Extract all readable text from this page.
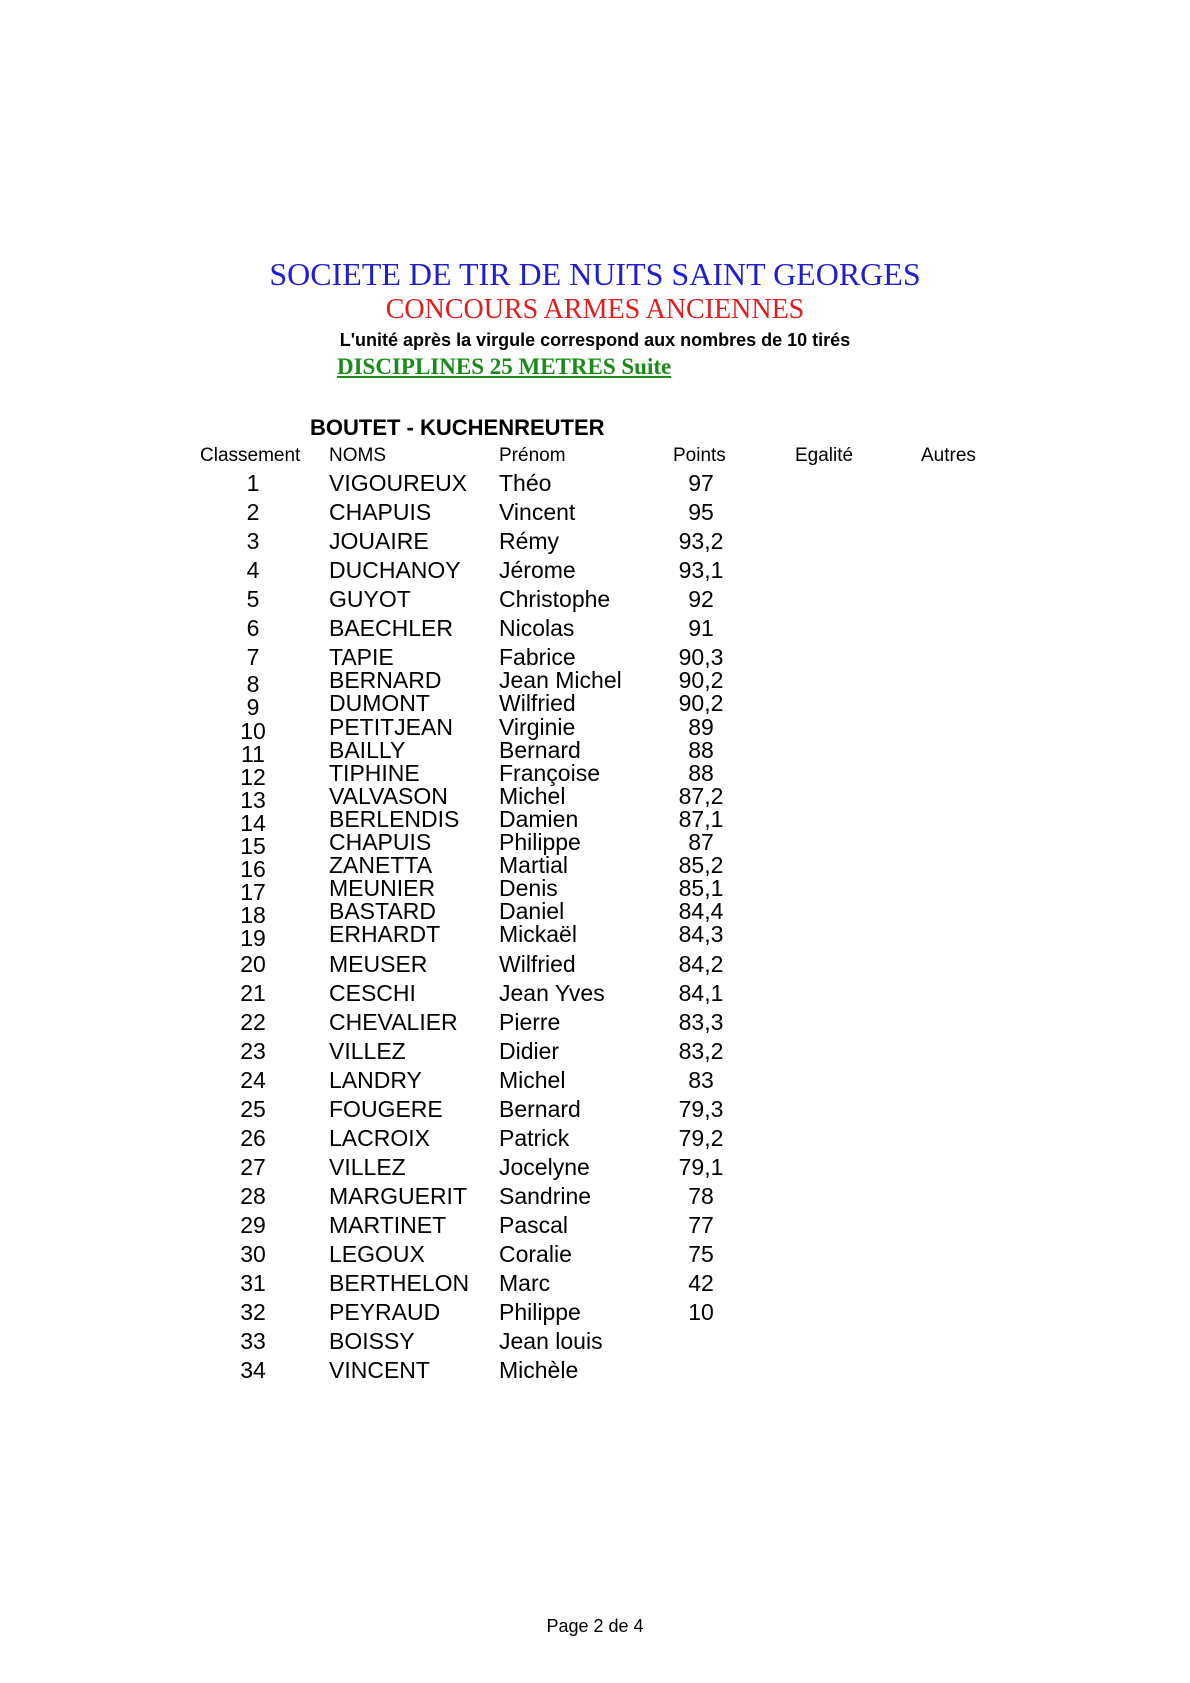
SOCIETE DE TIR DE NUITS SAINT GEORGES
CONCOURS ARMES ANCIENNES
L'unité après la virgule correspond aux nombres de 10 tirés
DISCIPLINES 25 METRES Suite
BOUTET - KUCHENREUTER
Classement NOMS	Prénom	Points	Egalité	Autres
1	VIGOUREUX Théo	97
2	CHAPUIS	Vincent	95
3	JOUAIRE	Rémy	93,2
4	DUCHANOY Jérome	93,1
5	GUYOT	Christophe	92
6	BAECHLER Nicolas	91
7	TAPIE	Fabrice	90,3
8	BERNARD	Jean Michel	90,2
9	DUMONT	Wilfried	90,2
10	PETITJEAN Virginie	89
11	BAILLY	Bernard	88
12	TIPHINE	Françoise	88
13	VALVASON Michel	87,2
14	BERLENDIS Damien	87,1
15	CHAPUIS	Philippe	87
16	ZANETTA	Martial	85,2
17	MEUNIER	Denis	85,1
18	BASTARD	Daniel	84,4
19	ERHARDT	Mickaël	84,3
20	MEUSER	Wilfried	84,2
21	CESCHI	Jean Yves	84,1
22	CHEVALIER Pierre	83,3
23	VILLEZ	Didier	83,2
24	LANDRY	Michel	83
25	FOUGERE Bernard	79,3
26	LACROIX	Patrick	79,2
27	VILLEZ	Jocelyne	79,1
28	MARGUERIT Sandrine	78
29	MARTINET Pascal	77
30	LEGOUX	Coralie	75
31	BERTHELON Marc	42
32	PEYRAUD	Philippe	10
33	BOISSY	Jean louis
34	VINCENT	Michèle
Page 2 de 4
